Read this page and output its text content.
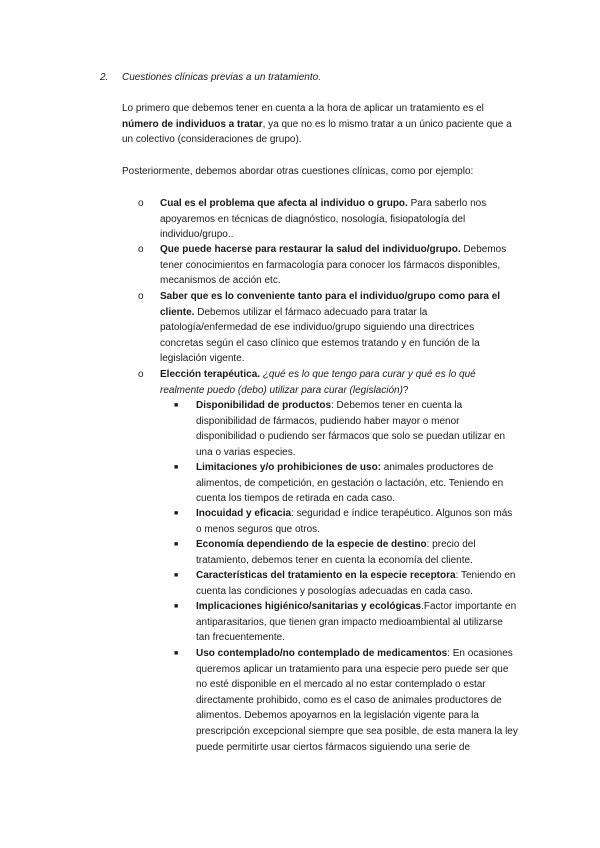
2. Cuestiones clínicas previas a un tratamiento.
Lo primero que debemos tener en cuenta a la hora de aplicar un tratamiento es el número de individuos a tratar, ya que no es lo mismo tratar a un único paciente que a un colectivo (consideraciones de grupo).
Posteriormente, debemos abordar otras cuestiones clínicas, como por ejemplo:
o	Cual es el problema que afecta al individuo o grupo. Para saberlo nos apoyaremos en técnicas de diagnóstico, nosología, fisiopatología del individuo/grupo..
o	Que puede hacerse para restaurar la salud del individuo/grupo. Debemos tener conocimientos en farmacología para conocer los fármacos disponibles, mecanismos de acción etc.
o	Saber que es lo conveniente tanto para el individuo/grupo como para el cliente. Debemos utilizar el fármaco adecuado para tratar la patología/enfermedad de ese individuo/grupo siguiendo una directrices concretas según el caso clínico que estemos tratando y en función de la legislación vigente.
o	Elección terapéutica. ¿qué es lo que tengo para curar y qué es lo qué realmente puedo (debo) utilizar para curar (legislación)?
■ Disponibilidad de productos: Debemos tener en cuenta la disponibilidad de fármacos, pudiendo haber mayor o menor disponibilidad o pudiendo ser fármacos que solo se puedan utilizar en una o varias especies.
■ Limitaciones y/o prohibiciones de uso: animales productores de alimentos, de competición, en gestación o lactación, etc. Teniendo en cuenta los tiempos de retirada en cada caso.
■ Inocuidad y eficacia: seguridad e índice terapéutico. Algunos son más o menos seguros que otros.
■ Economía dependiendo de la especie de destino: precio del tratamiento, debemos tener en cuenta la economía del cliente.
■ Características del tratamiento en la especie receptora: Teniendo en cuenta las condiciones y posologías adecuadas en cada caso.
■ Implicaciones higiénico/sanitarias y ecológicas.Factor importante en antiparasitarios, que tienen gran impacto medioambiental al utilizarse tan frecuentemente.
■ Uso contemplado/no contemplado de medicamentos: En ocasiones queremos aplicar un tratamiento para una especie pero puede ser que no esté disponible en el mercado al no estar contemplado o estar directamente prohibido, como es el caso de animales productores de alimentos. Debemos apoyarnos en la legislación vigente para la prescripción excepcional siempre que sea posible, de esta manera la ley puede permitirte usar ciertos fármacos siguiendo una serie de
